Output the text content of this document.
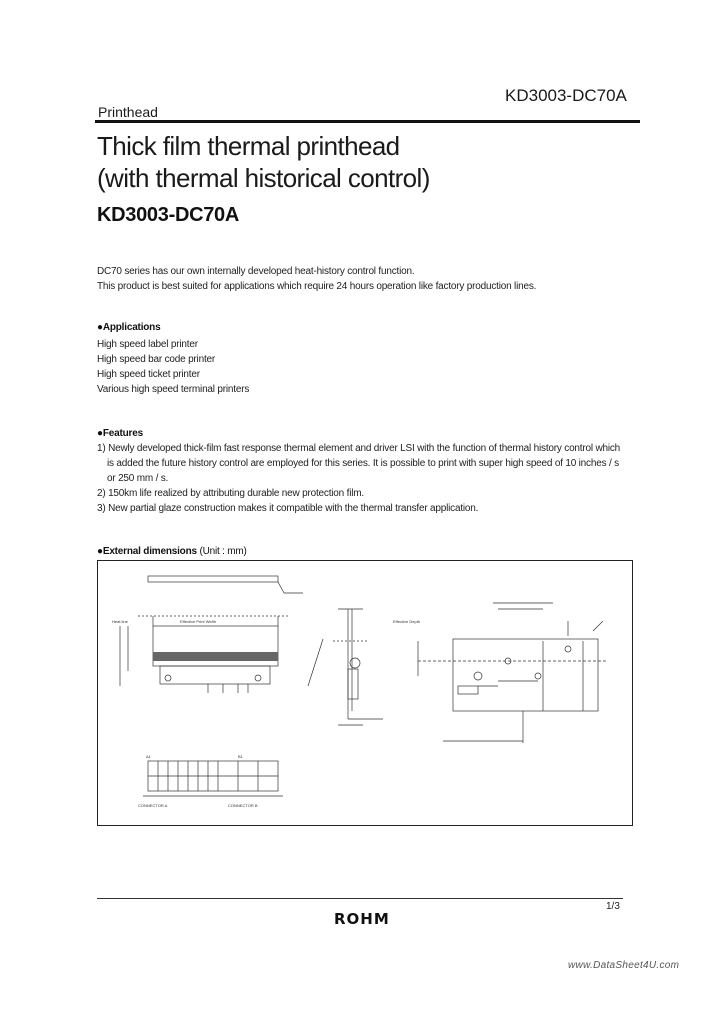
KD3003-DC70A
Printhead
Thick film thermal printhead
(with thermal historical control)
KD3003-DC70A
DC70 series has our own internally developed heat-history control function.
This product is best suited for applications which require 24 hours operation like factory production lines.
●Applications
High speed label printer
High speed bar code printer
High speed ticket printer
Various high speed terminal printers
●Features
1) Newly developed thick-film fast response thermal element and driver LSI with the function of thermal history control which is added the future history control are employed for this series. It is possible to print with super high speed of 10 inches / s or 250 mm / s.
2) 150km life realized by attributing durable new protection film.
3) New partial glaze construction makes it compatible with the thermal transfer application.
●External dimensions (Unit : mm)
Heat line	Effective Print Width	Effective Depth
A1	B1
CONNECTOR A	CONNECTOR B
1/3
ROHM
www.DataSheet4U.com
